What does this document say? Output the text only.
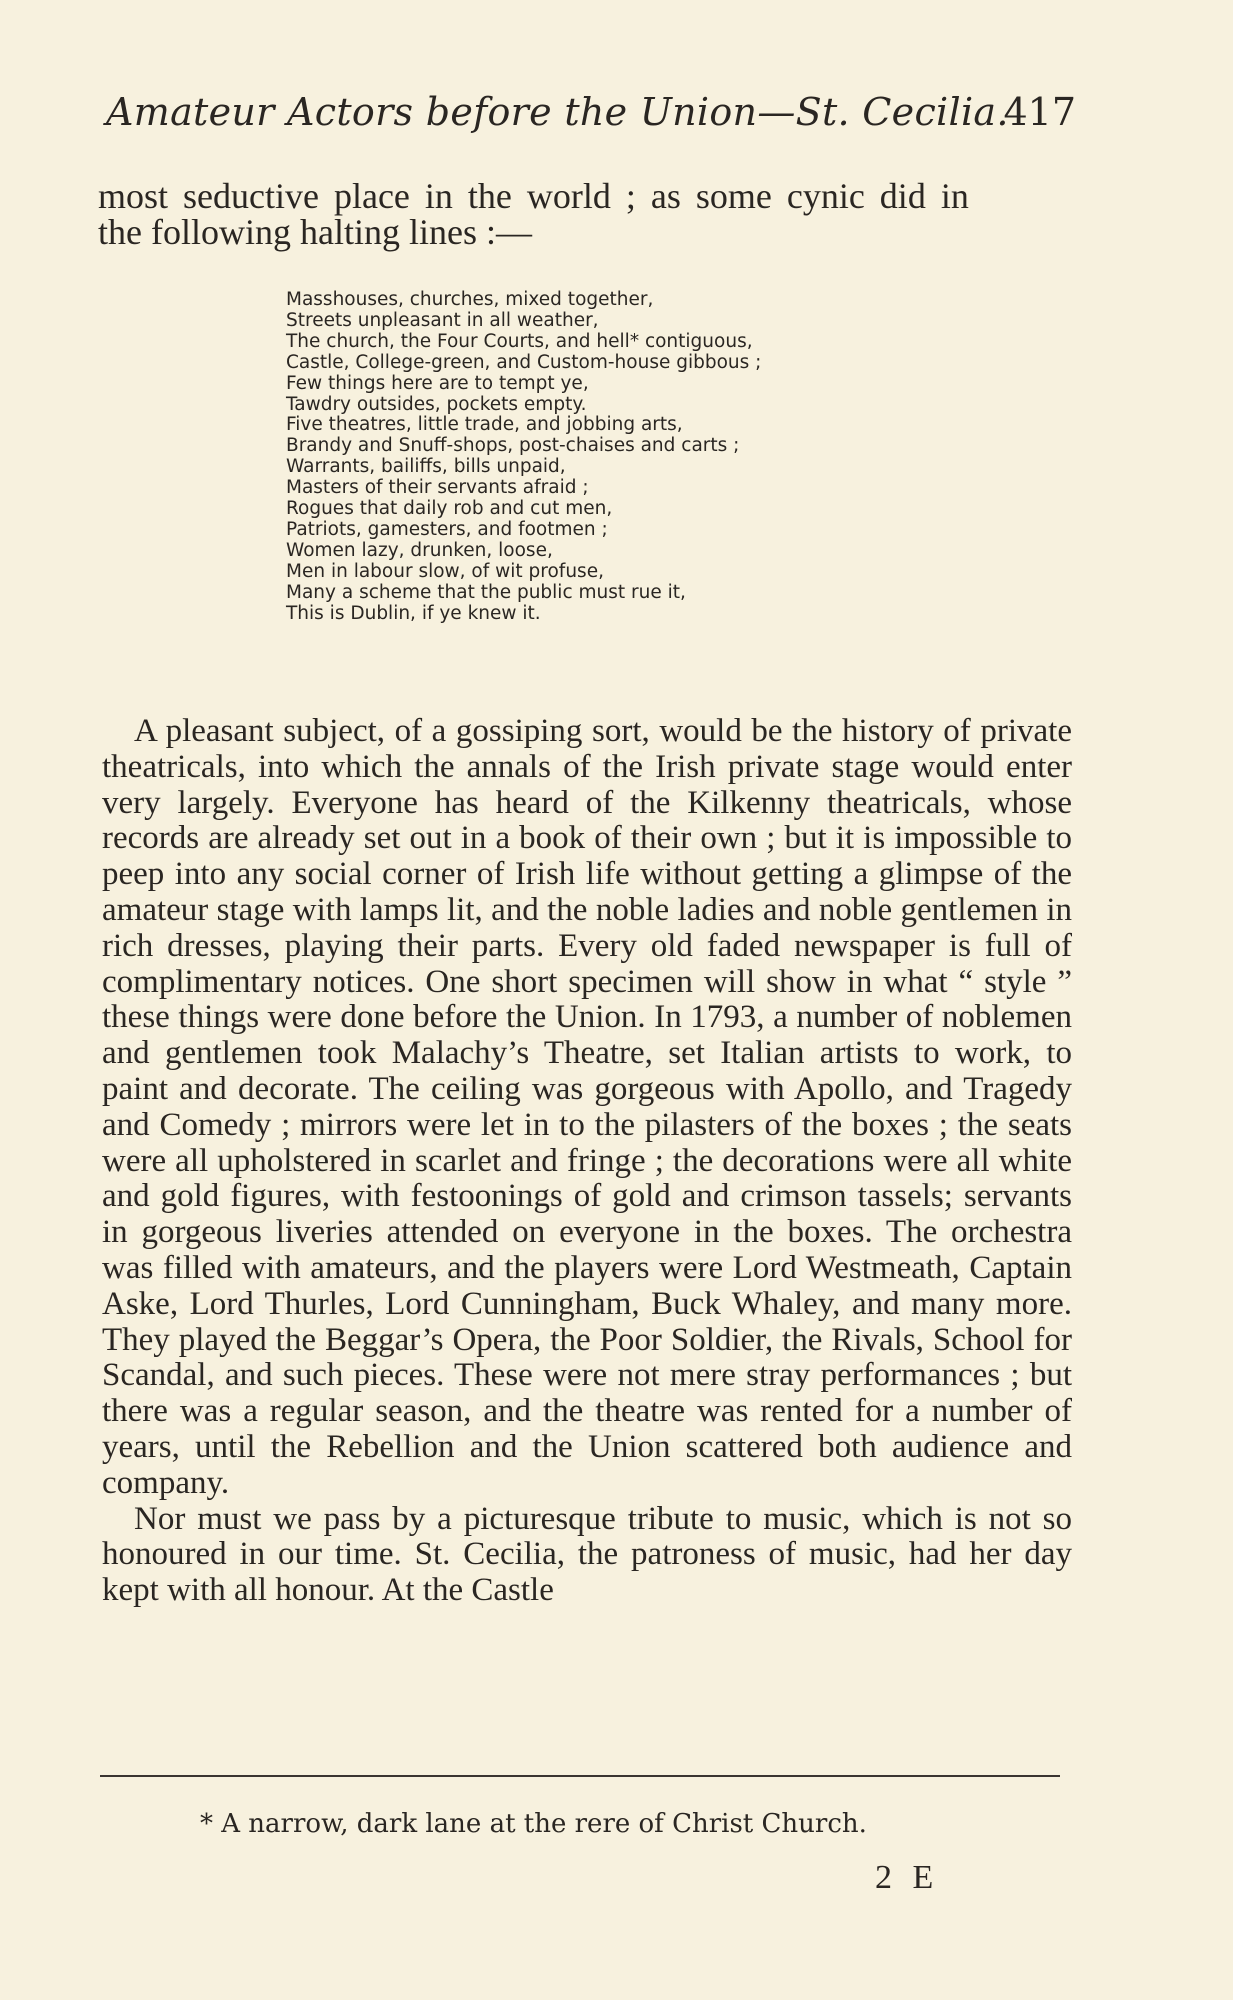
Amateur Actors before the Union—St. Cecilia.
417
most seductive place in the world ; as some cynic did in
the following halting lines :—
Masshouses, churches, mixed together,
Streets unpleasant in all weather,
The church, the Four Courts, and hell* contiguous,
Castle, College-green, and Custom-house gibbous ;
Few things here are to tempt ye,
Tawdry outsides, pockets empty.
Five theatres, little trade, and jobbing arts,
Brandy and Snuff-shops, post-chaises and carts ;
Warrants, bailiffs, bills unpaid,
Masters of their servants afraid ;
Rogues that daily rob and cut men,
Patriots, gamesters, and footmen ;
Women lazy, drunken, loose,
Men in labour slow, of wit profuse,
Many a scheme that the public must rue it,
This is Dublin, if ye knew it.

A pleasant subject, of a gossiping sort, would be the history of private theatricals, into which the annals of the Irish private stage would enter very largely. Everyone has heard of the Kilkenny theatricals, whose records are already set out in a book of their own ; but it is impossible to peep into any social corner of Irish life without getting a glimpse of the amateur stage with lamps lit, and the noble ladies and noble gentlemen in rich dresses, playing their parts. Every old faded newspaper is full of complimentary notices. One short specimen will show in what “ style ” these things were done before the Union. In 1793, a number of noblemen and gentlemen took Malachy’s Theatre, set Italian artists to work, to paint and decorate. The ceiling was gorgeous with Apollo, and Tragedy and Comedy ; mirrors were let in to the pilasters of the boxes ; the seats were all upholstered in scarlet and fringe ; the decorations were all white and gold figures, with festoonings of gold and crimson tassels; servants in gorgeous liveries attended on everyone in the boxes. The orchestra was filled with amateurs, and the players were Lord Westmeath, Captain Aske, Lord Thurles, Lord Cunningham, Buck Whaley, and many more. They played the Beggar’s Opera, the Poor Soldier, the Rivals, School for Scandal, and such pieces. These were not mere stray performances ; but there was a regular season, and the theatre was rented for a number of years, until the Rebellion and the Union scattered both audience and company.

Nor must we pass by a picturesque tribute to music, which is not so honoured in our time. St. Cecilia, the patroness of music, had her day kept with all honour. At the Castle

* A narrow, dark lane at the rere of Christ Church.
2 E
